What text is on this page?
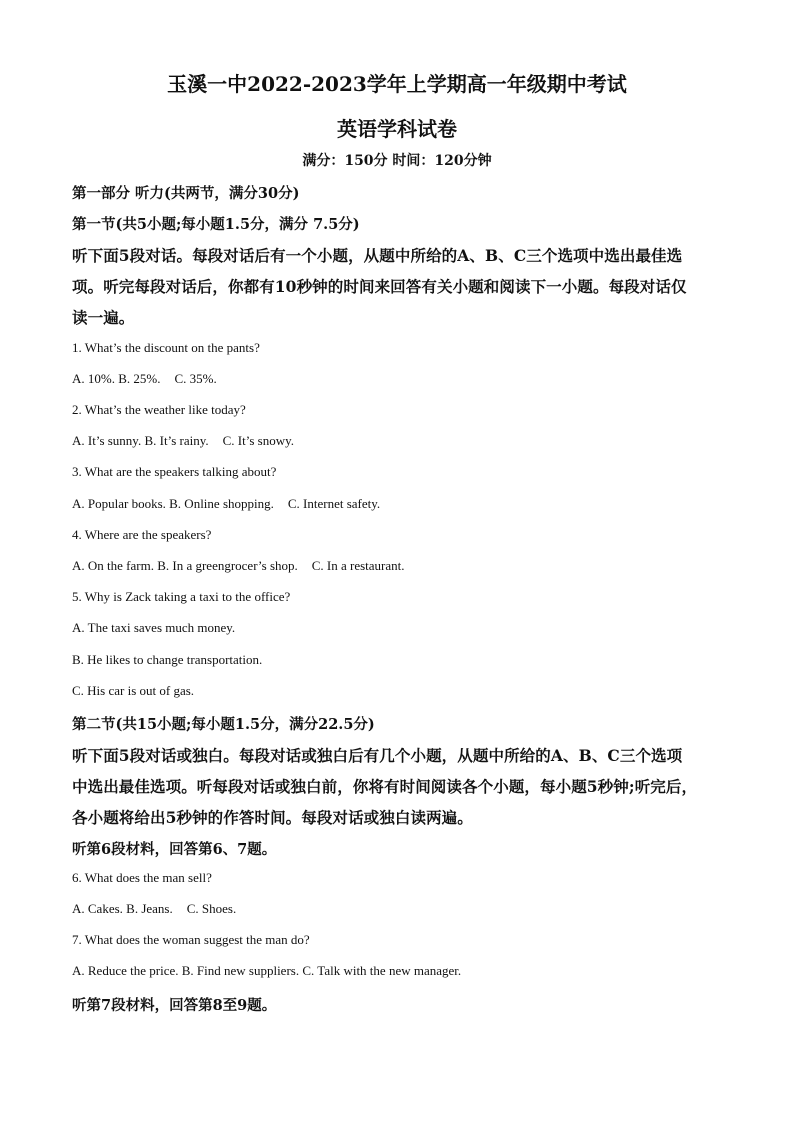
玉溪一中2022-2023学年上学期高一年级期中考试
英语学科试卷
满分：150分 时间：120分钟
第一部分 听力(共两节，满分30分)
第一节(共5小题;每小题1.5分，满分 7.5分)
听下面5段对话。每段对话后有一个小题，从题中所给的A、B、C三个选项中选出最佳选
项。听完每段对话后，你都有10秒钟的时间来回答有关小题和阅读下一小题。每段对话仅
读一遍。
1. What’s the discount on the pants?
A. 10%. B. 25%. C. 35%.
2. What’s the weather like today?
A. It’s sunny. B. It’s rainy. C. It’s snowy.
3. What are the speakers talking about?
A. Popular books. B. Online shopping. C. Internet safety.
4. Where are the speakers?
A. On the farm. B. In a greengrocer’s shop. C. In a restaurant.
5. Why is Zack taking a taxi to the office?
A. The taxi saves much money.
B. He likes to change transportation.
C. His car is out of gas.
第二节(共15小题;每小题1.5分，满分22.5分)
听下面5段对话或独白。每段对话或独白后有几个小题，从题中所给的A、B、C三个选项
中选出最佳选项。听每段对话或独白前，你将有时间阅读各个小题，每小题5秒钟;听完后，
各小题将给出5秒钟的作答时间。每段对话或独白读两遍。
听第6段材料，回答第6、7题。
6. What does the man sell?
A. Cakes. B. Jeans. C. Shoes.
7. What does the woman suggest the man do?
A. Reduce the price. B. Find new suppliers. C. Talk with the new manager.
听第7段材料，回答第8至9题。
